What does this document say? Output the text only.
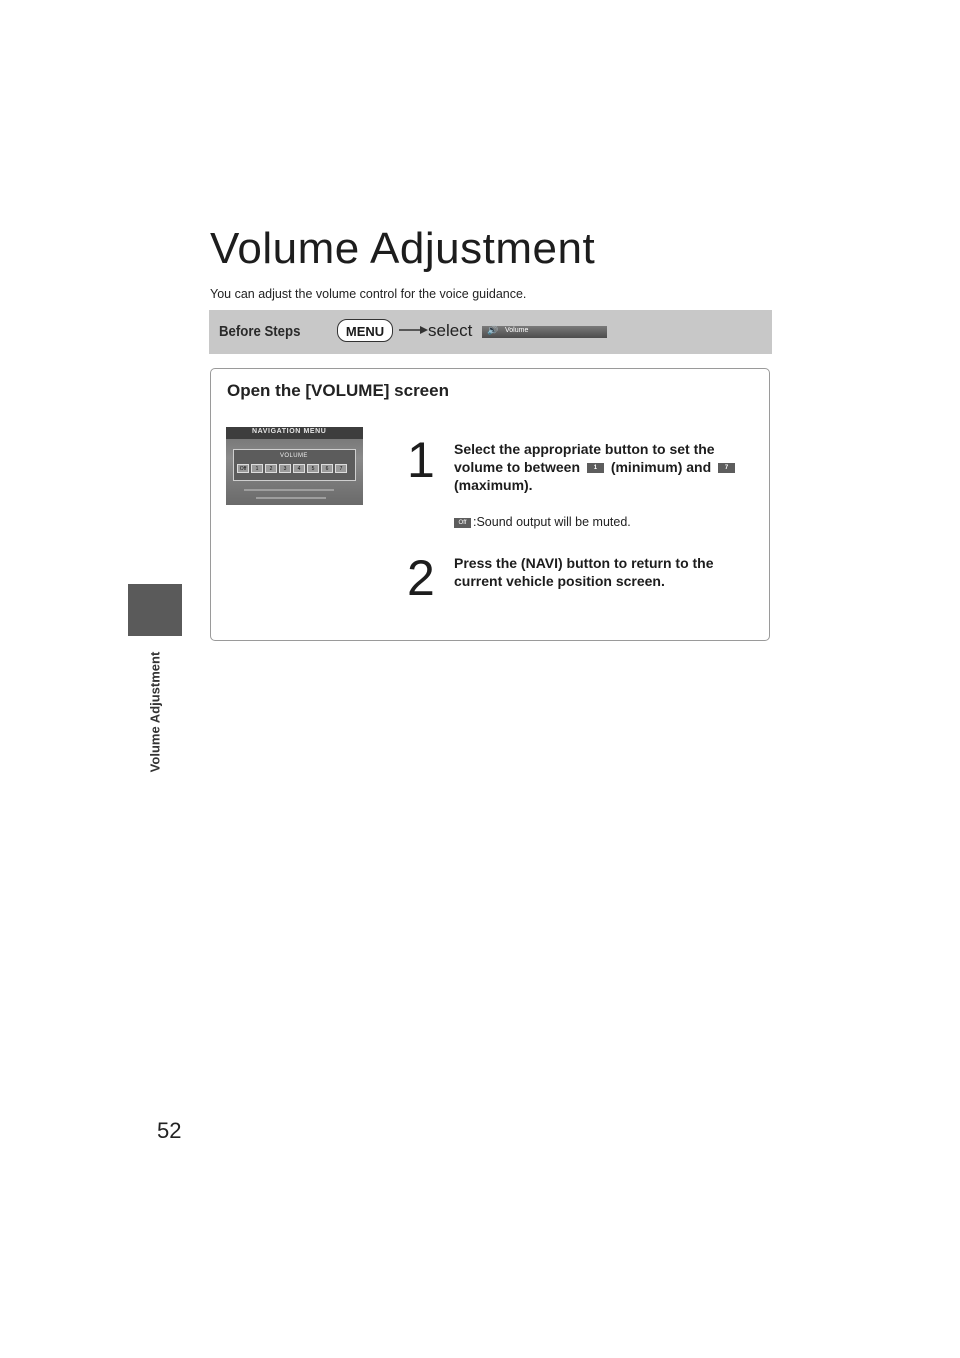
Volume Adjustment
52
Volume Adjustment
You can adjust the volume control for the voice guidance.
Before Steps	MENU	select 🔊 Volume
Open the [VOLUME] screen
NAVIGATION MENU
VOLUME
Off	1	2	3	4	5	6	7 1 Select the appropriate button to set the volume to between 1 (minimum) and 7 (maximum).
Off :Sound output will be muted.
2 Press the (NAVI) button to return to the current vehicle position screen.
